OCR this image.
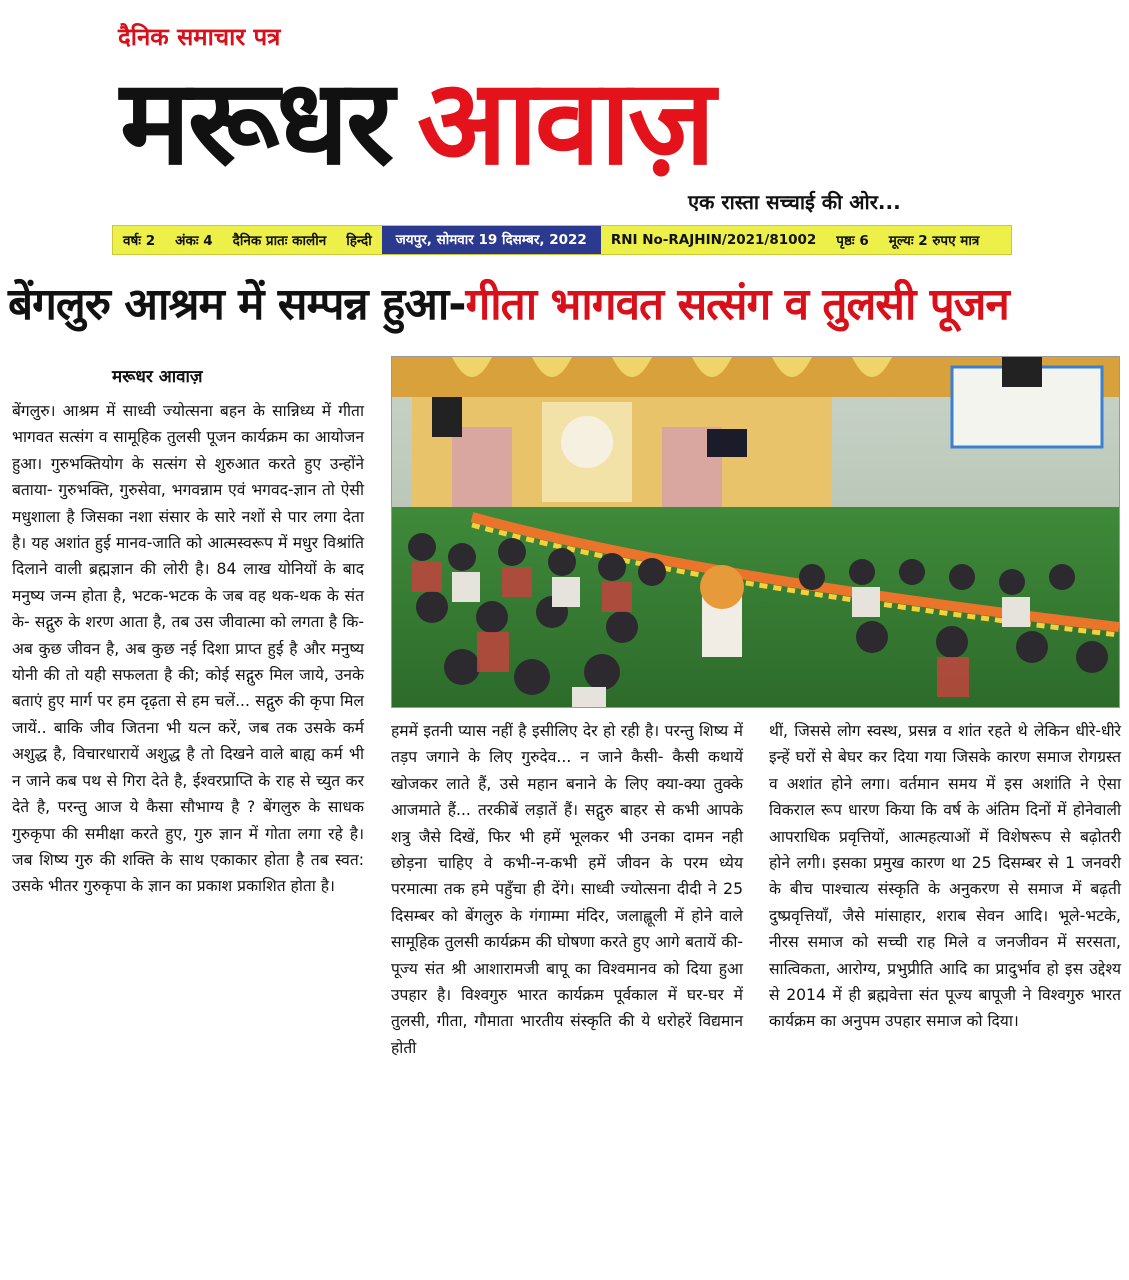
दैनिक समाचार पत्र
मरूधर आवाज़
एक रास्ता सच्चाई की ओर...
वर्षः 2	अंकः 4	दैनिक प्रातः कालीन	हिन्दी	जयपुर, सोमवार 19 दिसम्बर, 2022	RNI No-RAJHIN/2021/81002	पृष्ठः 6	मूल्यः 2 रुपए मात्र
बेंगलुरु आश्रम में सम्पन्न हुआ-गीता भागवत सत्संग व तुलसी पूजन
मरूधर आवाज़

बेंगलुरु। आश्रम में साध्वी ज्योत्सना बहन के सान्निध्य में गीता भागवत सत्संग व सामूहिक तुलसी पूजन कार्यक्रम का आयोजन हुआ। गुरुभक्तियोग के सत्संग से शुरुआत करते हुए उन्होंने बताया- गुरुभक्ति, गुरुसेवा, भगवन्नाम एवं भगवद-ज्ञान तो ऐसी मधुशाला है जिसका नशा संसार के सारे नशों से पार लगा देता है। यह अशांत हुई मानव-जाति को आत्मस्वरूप में मधुर विश्रांति दिलाने वाली ब्रह्मज्ञान की लोरी है। 84 लाख योनियों के बाद मनुष्य जन्म होता है, भटक-भटक के जब वह थक-थक के संत के- सद्गुरु के शरण आता है, तब उस जीवात्मा को लगता है कि- अब कुछ जीवन है, अब कुछ नई दिशा प्राप्त हुई है और मनुष्य योनी की तो यही सफलता है की; कोई सद्गुरु मिल जाये, उनके बताएं हुए मार्ग पर हम दृढ़ता से हम चलें... सद्गुरु की कृपा मिल जायें.. बाकि जीव जितना भी यत्न करें, जब तक उसके कर्म अशुद्ध है, विचारधारायें अशुद्ध है तो दिखने वाले बाह्य कर्म भी न जाने कब पथ से गिरा देते है, ईश्वरप्राप्ति के राह से च्युत कर देते है, परन्तु आज ये कैसा सौभाग्य है ? बेंगलुरु के साधक गुरुकृपा की समीक्षा करते हुए, गुरु ज्ञान में गोता लगा रहे है। जब शिष्य गुरु की शक्ति के साथ एकाकार होता है तब स्वत: उसके भीतर गुरुकृपा के ज्ञान का प्रकाश प्रकाशित होता है।

हममें इतनी प्यास नहीं है इसीलिए देर हो रही है। परन्तु शिष्य में तड़प जगाने के लिए गुरुदेव... न जाने कैसी- कैसी कथायें खोजकर लाते हैं, उसे महान बनाने के लिए क्या-क्या तुक्के आजमाते हैं... तरकीबें लड़ातें हैं। सद्गुरु बाहर से कभी आपके शत्रु जैसे दिखें, फिर भी हमें भूलकर भी उनका दामन नही छोड़ना चाहिए वे कभी-न-कभी हमें जीवन के परम ध्येय परमात्मा तक हमे पहुँचा ही देंगे। साध्वी ज्योत्सना दीदी ने 25 दिसम्बर को बेंगलुरु के गंगाम्मा मंदिर, जलाह्लूली में होने वाले सामूहिक तुलसी कार्यक्रम की घोषणा करते हुए आगे बतायें की- पूज्य संत श्री आशारामजी बापू का विश्वमानव को दिया हुआ उपहार है। विश्वगुरु भारत कार्यक्रम पूर्वकाल में घर-घर में तुलसी, गीता, गौमाता भारतीय संस्कृति की ये धरोहरें विद्यमान होती

थीं, जिससे लोग स्वस्थ, प्रसन्न व शांत रहते थे लेकिन धीरे-धीरे इन्हें घरों से बेघर कर दिया गया जिसके कारण समाज रोगग्रस्त व अशांत होने लगा। वर्तमान समय में इस अशांति ने ऐसा विकराल रूप धारण किया कि वर्ष के अंतिम दिनों में होनेवाली आपराधिक प्रवृत्तियों, आत्महत्याओं में विशेषरूप से बढ़ोतरी होने लगी। इसका प्रमुख कारण था 25 दिसम्बर से 1 जनवरी के बीच पाश्चात्य संस्कृति के अनुकरण से समाज में बढ़ती दुष्प्रवृत्तियाँ, जैसे मांसाहार, शराब सेवन आदि। भूले-भटके, नीरस समाज को सच्ची राह मिले व जनजीवन में सरसता, सात्विकता, आरोग्य, प्रभुप्रीति आदि का प्रादुर्भाव हो इस उद्देश्य से 2014 में ही ब्रह्मवेत्ता संत पूज्य बापूजी ने विश्वगुरु भारत कार्यक्रम का अनुपम उपहार समाज को दिया।
